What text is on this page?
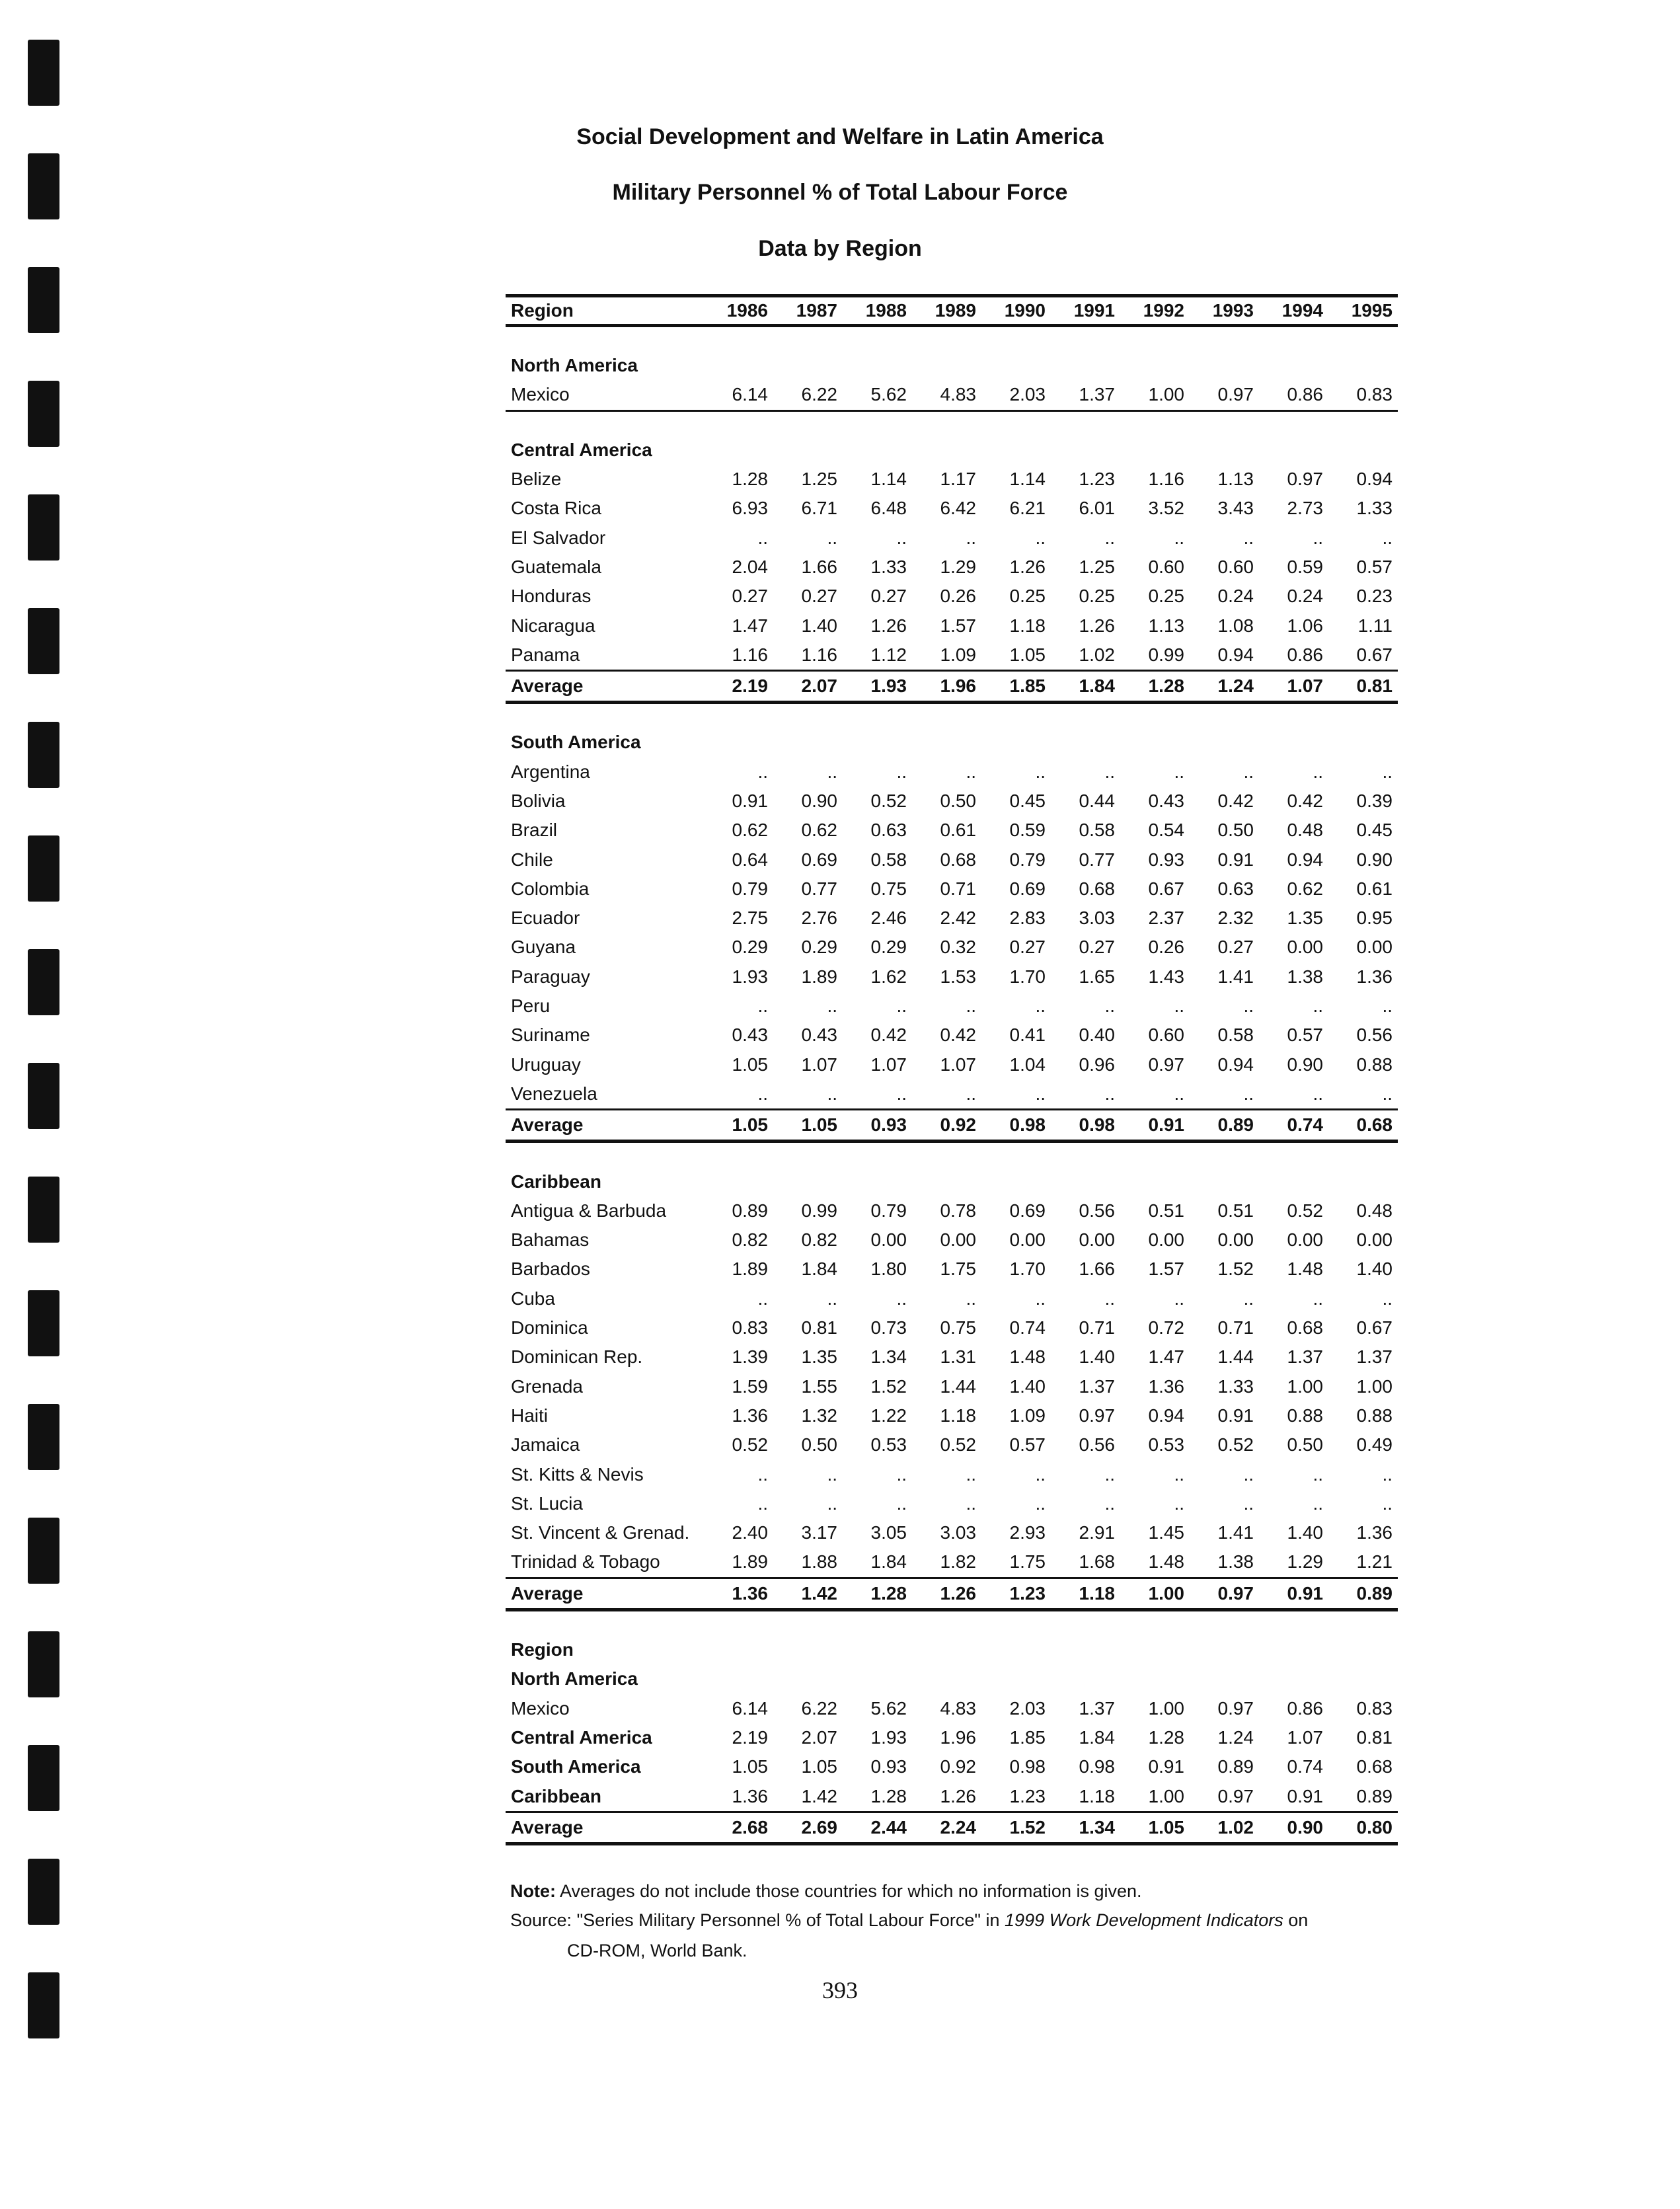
Social Development and Welfare in Latin America
Military Personnel % of Total Labour Force
Data by Region
Region	1986	1987	1988	1989	1990	1991	1992	1993	1994	1995

North America										
Mexico	6.14	6.22	5.62	4.83	2.03	1.37	1.00	0.97	0.86	0.83

Central America										
Belize	1.28	1.25	1.14	1.17	1.14	1.23	1.16	1.13	0.97	0.94
Costa Rica	6.93	6.71	6.48	6.42	6.21	6.01	3.52	3.43	2.73	1.33
El Salvador	..	..	..	..	..	..	..	..	..	..
Guatemala	2.04	1.66	1.33	1.29	1.26	1.25	0.60	0.60	0.59	0.57
Honduras	0.27	0.27	0.27	0.26	0.25	0.25	0.25	0.24	0.24	0.23
Nicaragua	1.47	1.40	1.26	1.57	1.18	1.26	1.13	1.08	1.06	1.11
Panama	1.16	1.16	1.12	1.09	1.05	1.02	0.99	0.94	0.86	0.67
Average	2.19	2.07	1.93	1.96	1.85	1.84	1.28	1.24	1.07	0.81

South America										
Argentina	..	..	..	..	..	..	..	..	..	..
Bolivia	0.91	0.90	0.52	0.50	0.45	0.44	0.43	0.42	0.42	0.39
Brazil	0.62	0.62	0.63	0.61	0.59	0.58	0.54	0.50	0.48	0.45
Chile	0.64	0.69	0.58	0.68	0.79	0.77	0.93	0.91	0.94	0.90
Colombia	0.79	0.77	0.75	0.71	0.69	0.68	0.67	0.63	0.62	0.61
Ecuador	2.75	2.76	2.46	2.42	2.83	3.03	2.37	2.32	1.35	0.95
Guyana	0.29	0.29	0.29	0.32	0.27	0.27	0.26	0.27	0.00	0.00
Paraguay	1.93	1.89	1.62	1.53	1.70	1.65	1.43	1.41	1.38	1.36
Peru	..	..	..	..	..	..	..	..	..	..
Suriname	0.43	0.43	0.42	0.42	0.41	0.40	0.60	0.58	0.57	0.56
Uruguay	1.05	1.07	1.07	1.07	1.04	0.96	0.97	0.94	0.90	0.88
Venezuela	..	..	..	..	..	..	..	..	..	..
Average	1.05	1.05	0.93	0.92	0.98	0.98	0.91	0.89	0.74	0.68

Caribbean										
Antigua & Barbuda	0.89	0.99	0.79	0.78	0.69	0.56	0.51	0.51	0.52	0.48
Bahamas	0.82	0.82	0.00	0.00	0.00	0.00	0.00	0.00	0.00	0.00
Barbados	1.89	1.84	1.80	1.75	1.70	1.66	1.57	1.52	1.48	1.40
Cuba	..	..	..	..	..	..	..	..	..	..
Dominica	0.83	0.81	0.73	0.75	0.74	0.71	0.72	0.71	0.68	0.67
Dominican Rep.	1.39	1.35	1.34	1.31	1.48	1.40	1.47	1.44	1.37	1.37
Grenada	1.59	1.55	1.52	1.44	1.40	1.37	1.36	1.33	1.00	1.00
Haiti	1.36	1.32	1.22	1.18	1.09	0.97	0.94	0.91	0.88	0.88
Jamaica	0.52	0.50	0.53	0.52	0.57	0.56	0.53	0.52	0.50	0.49
St. Kitts & Nevis	..	..	..	..	..	..	..	..	..	..
St. Lucia	..	..	..	..	..	..	..	..	..	..
St. Vincent & Grenad.	2.40	3.17	3.05	3.03	2.93	2.91	1.45	1.41	1.40	1.36
Trinidad & Tobago	1.89	1.88	1.84	1.82	1.75	1.68	1.48	1.38	1.29	1.21
Average	1.36	1.42	1.28	1.26	1.23	1.18	1.00	0.97	0.91	0.89

Region										
North America										
Mexico	6.14	6.22	5.62	4.83	2.03	1.37	1.00	0.97	0.86	0.83
Central America	2.19	2.07	1.93	1.96	1.85	1.84	1.28	1.24	1.07	0.81
South America	1.05	1.05	0.93	0.92	0.98	0.98	0.91	0.89	0.74	0.68
Caribbean	1.36	1.42	1.28	1.26	1.23	1.18	1.00	0.97	0.91	0.89
Average	2.68	2.69	2.44	2.24	1.52	1.34	1.05	1.02	0.90	0.80
Note: Averages do not include those countries for which no information is given.
Source: "Series Military Personnel % of Total Labour Force" in 1999 Work Development Indicators on
CD-ROM, World Bank.
393
